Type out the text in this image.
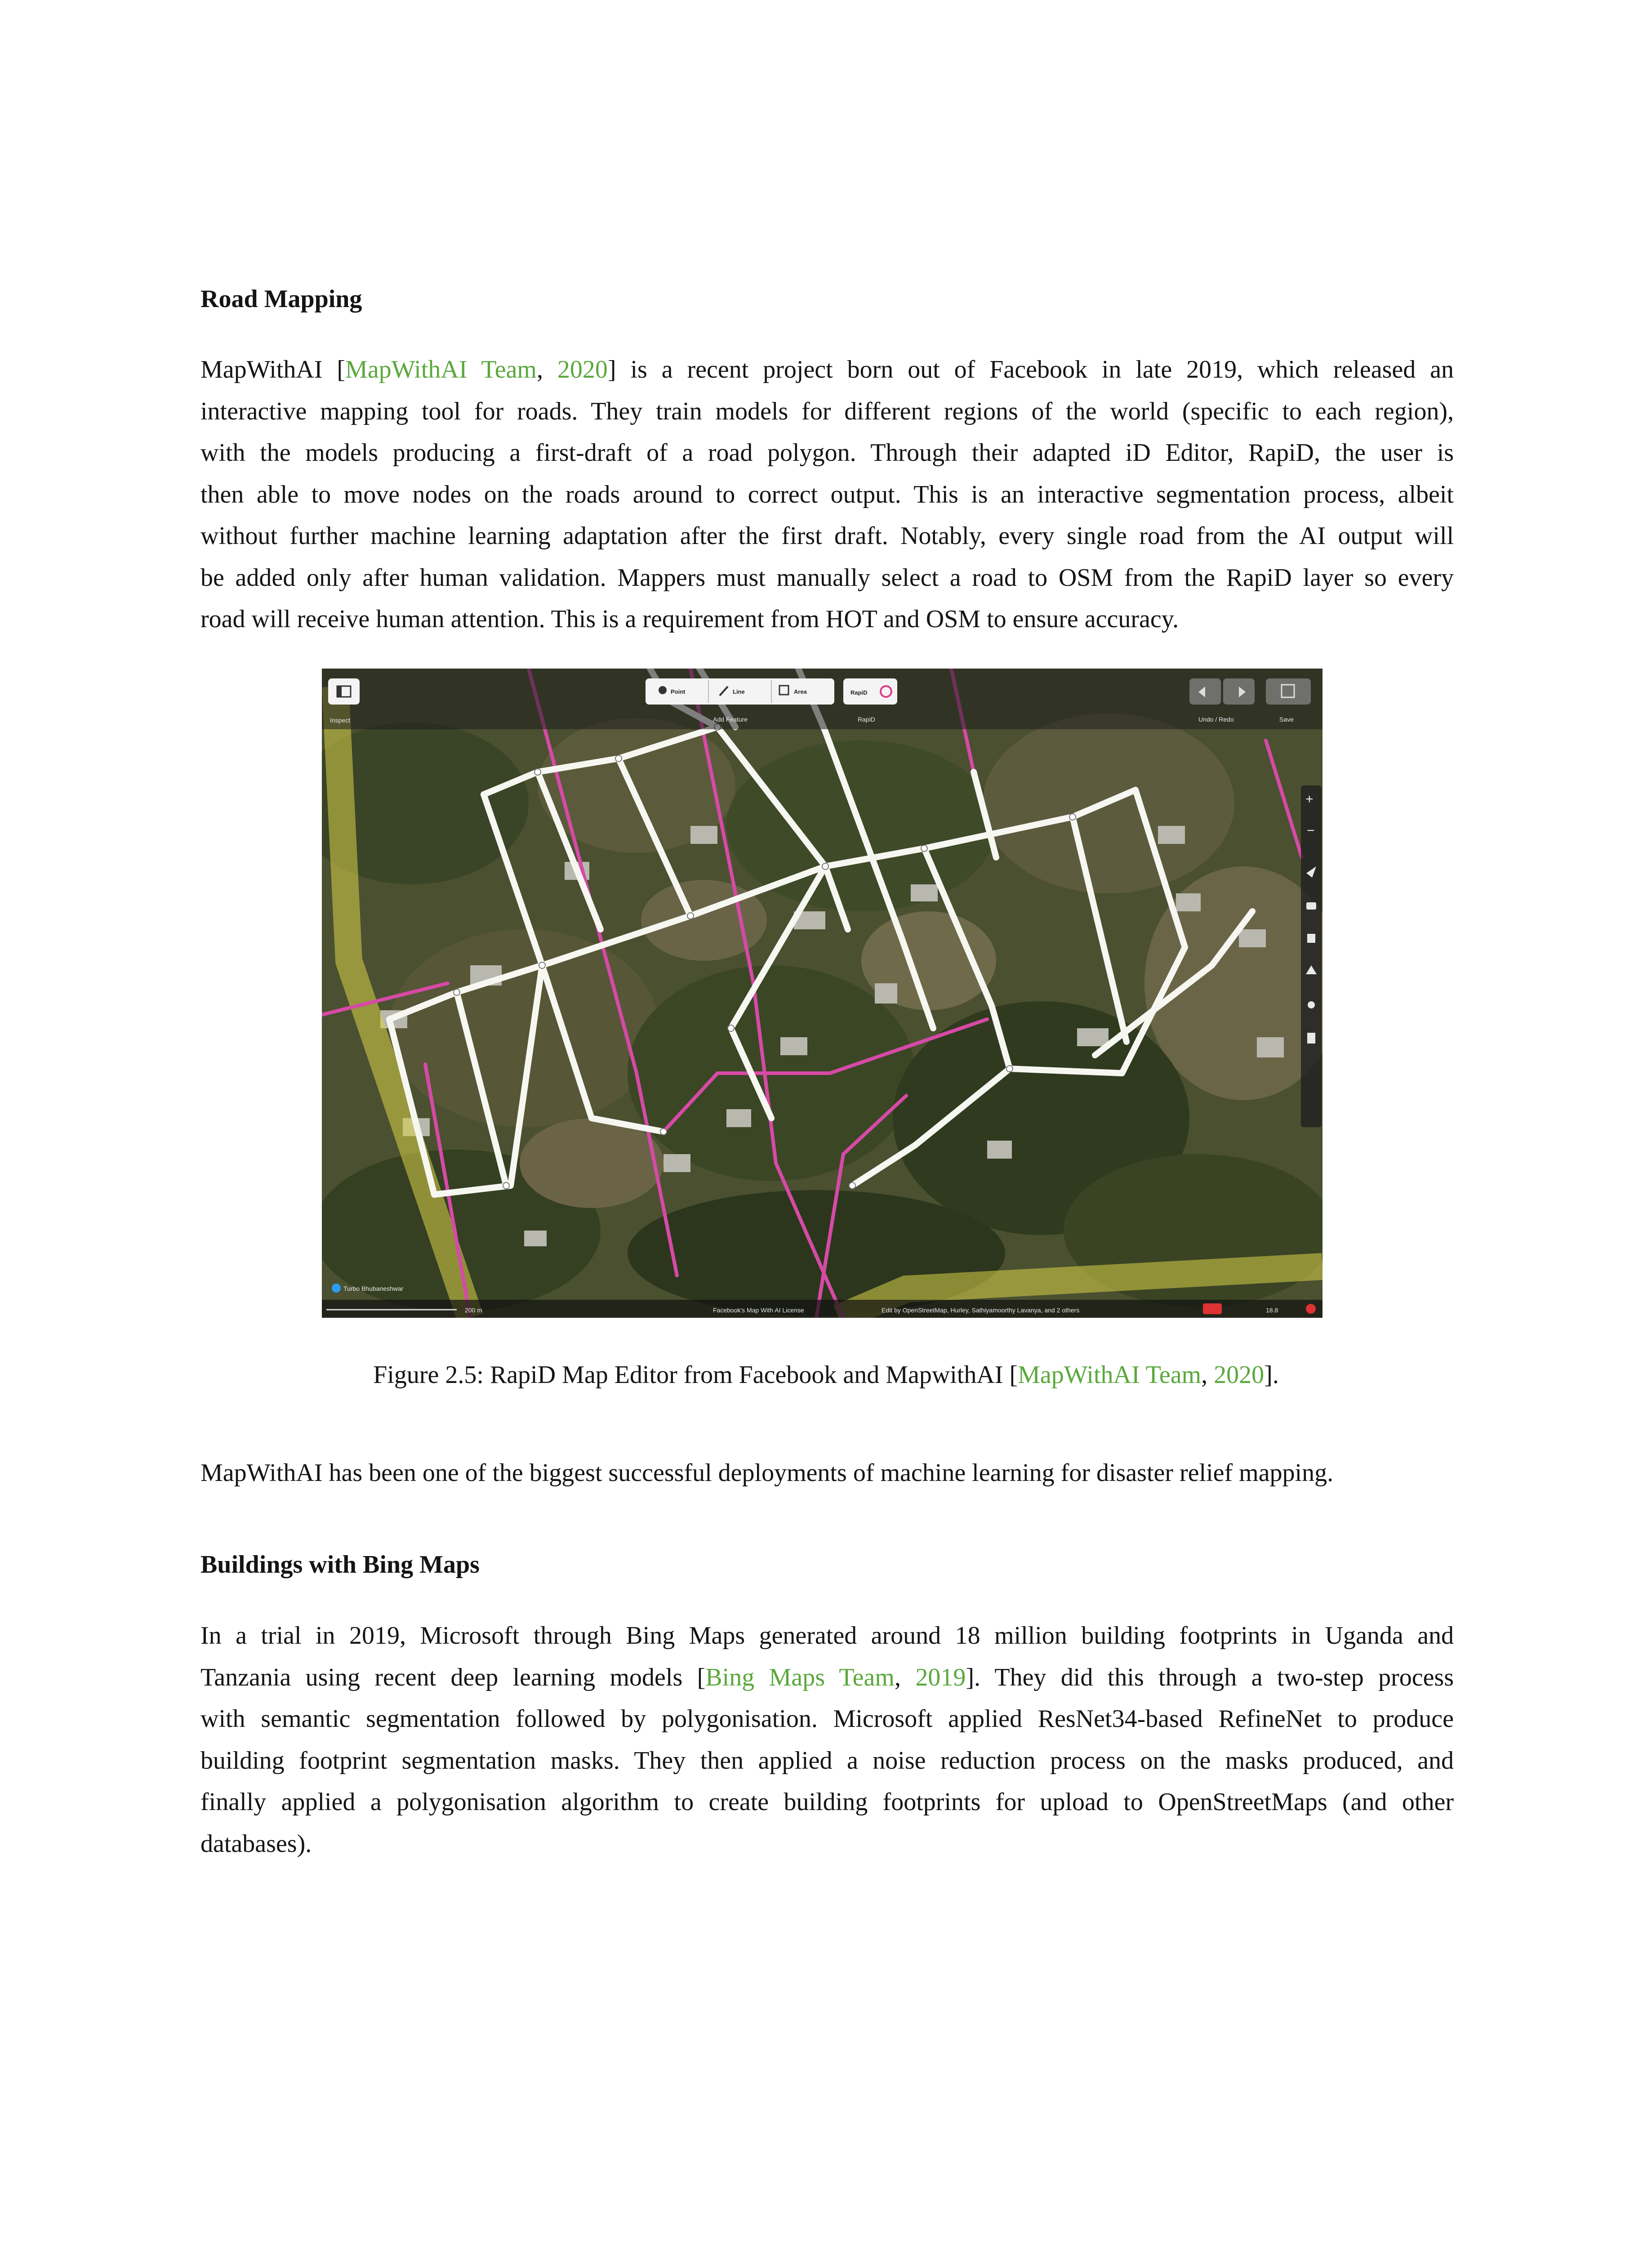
Road Mapping
MapWithAI [MapWithAI Team, 2020] is a recent project born out of Facebook in late 2019, which released an
interactive mapping tool for roads. They train models for different regions of the world (specific to each region),
with the models producing a first-draft of a road polygon. Through their adapted iD Editor, RapiD, the user is
then able to move nodes on the roads around to correct output. This is an interactive segmentation process, albeit
without further machine learning adaptation after the first draft. Notably, every single road from the AI output will
be added only after human validation. Mappers must manually select a road to OSM from the RapiD layer so every
road will receive human attention. This is a requirement from HOT and OSM to ensure accuracy.
Inspect
Point	Line	Area
Add Feature
RapiD
RapiD	Undo / Redo	Save
+
−
Turbo Bhubaneshwar
200 m	Facebook's Map With AI License	Edit by OpenStreetMap, Hurley, Sathiyamoorthy Lavanya, and 2 others	18.8
Figure 2.5: RapiD Map Editor from Facebook and MapwithAI [MapWithAI Team, 2020].
MapWithAI has been one of the biggest successful deployments of machine learning for disaster relief mapping.
Buildings with Bing Maps
In a trial in 2019, Microsoft through Bing Maps generated around 18 million building footprints in Uganda and
Tanzania using recent deep learning models [Bing Maps Team, 2019]. They did this through a two-step process
with semantic segmentation followed by polygonisation. Microsoft applied ResNet34-based RefineNet to produce
building footprint segmentation masks. They then applied a noise reduction process on the masks produced, and
finally applied a polygonisation algorithm to create building footprints for upload to OpenStreetMaps (and other
databases).
